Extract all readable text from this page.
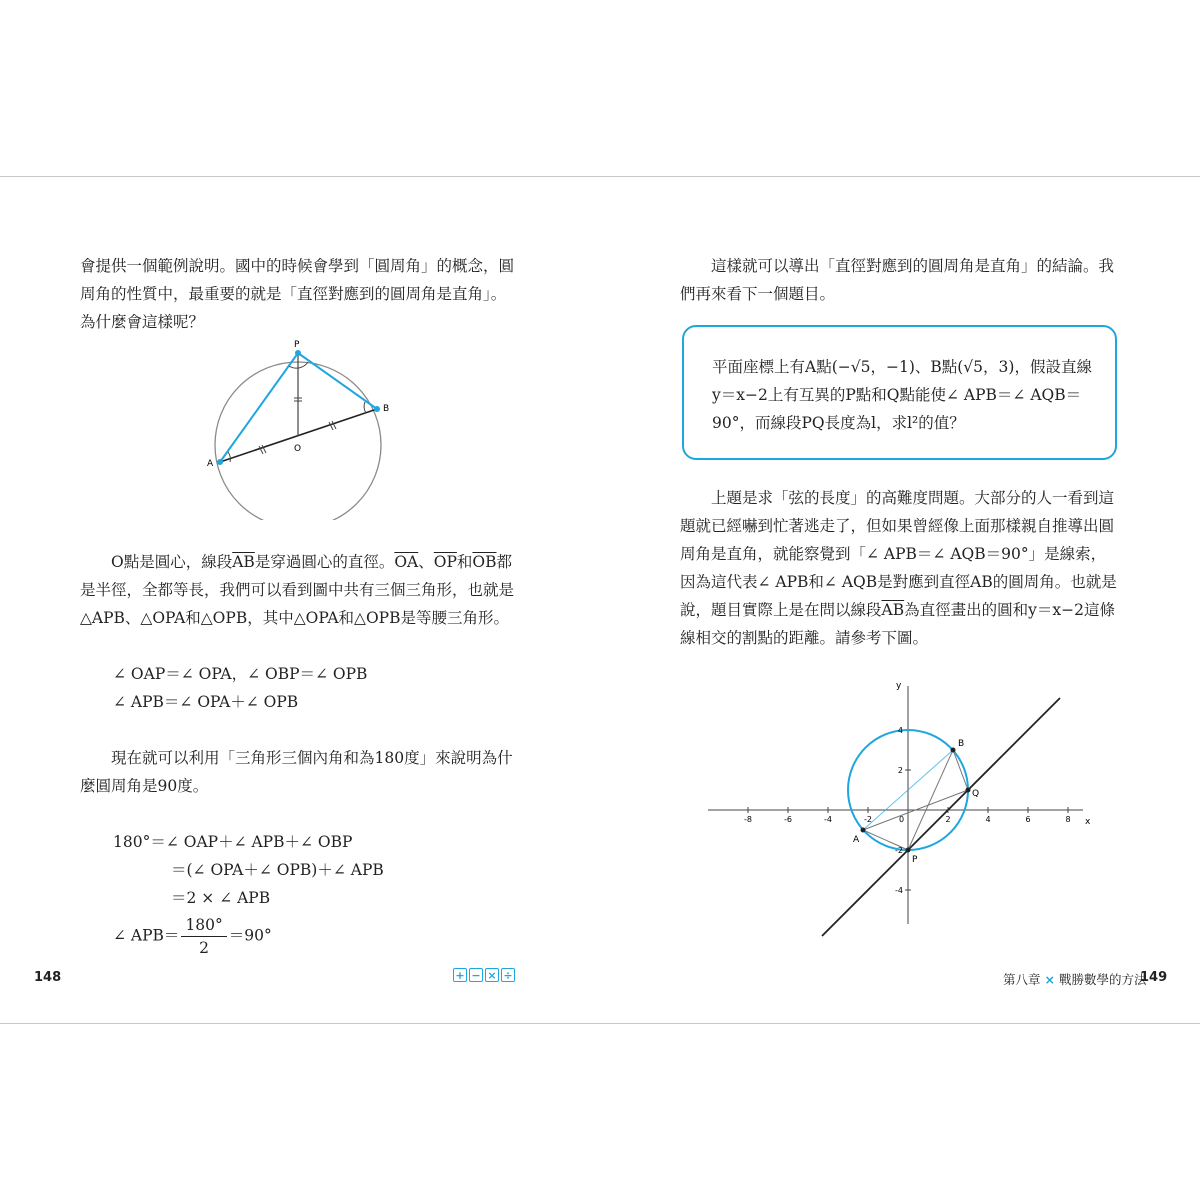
會提供一個範例說明。國中的時候會學到「圓周角」的概念，圓周角的性質中，最重要的就是「直徑對應到的圓周角是直角」。為什麼會這樣呢？

P
A
B
O

O點是圓心，線段$\overline{AB}$是穿過圓心的直徑。$\overline{OA}$、$\overline{OP}$和$\overline{OB}$都是半徑，全都等長，我們可以看到圖中共有三個三角形，也就是△APB、△OPA和△OPB，其中△OPA和△OPB是等腰三角形。

∠ OAP＝∠ OPA，∠ OBP＝∠ OPB
∠ APB＝∠ OPA＋∠ OPB

現在就可以利用「三角形三個內角和為180度」來說明為什麼圓周角是90度。

180°＝∠ OAP＋∠ APB＋∠ OBP
＝(∠ OPA＋∠ OPB)＋∠ APB
＝2 × ∠ APB
∠ $APB= \frac{180^\circ}{2} =90^\circ$
148	+ − × ÷

這樣就可以導出「直徑對應到的圓周角是直角」的結論。我們再來看下一個題目。

平面座標上有A點(−√5，−1)、B點(√5，3)，假設直線
y＝x−2上有互異的P點和Q點能使∠ APB＝∠ AQB＝
90°，而線段PQ長度為l，求l²的值？

上題是求「弦的長度」的高難度問題。大部分的人一看到這題就已經嚇到忙著逃走了，但如果曾經像上面那樣親自推導出圓周角是直角，就能察覺到「∠ APB＝∠ AQB＝90°」是線索，因為這代表∠ APB和∠ AQB是對應到直徑AB的圓周角。也就是說，題目實際上是在問以線段$\overline{AB}$為直徑畫出的圓和y＝x−2這條線相交的割點的距離。請參考下圖。

y
x
A
B
P
Q
0
-8	-6	-4	-2	2	4	6	8
4
2
-2
-4
第八章 × 戰勝數學的方法
149
